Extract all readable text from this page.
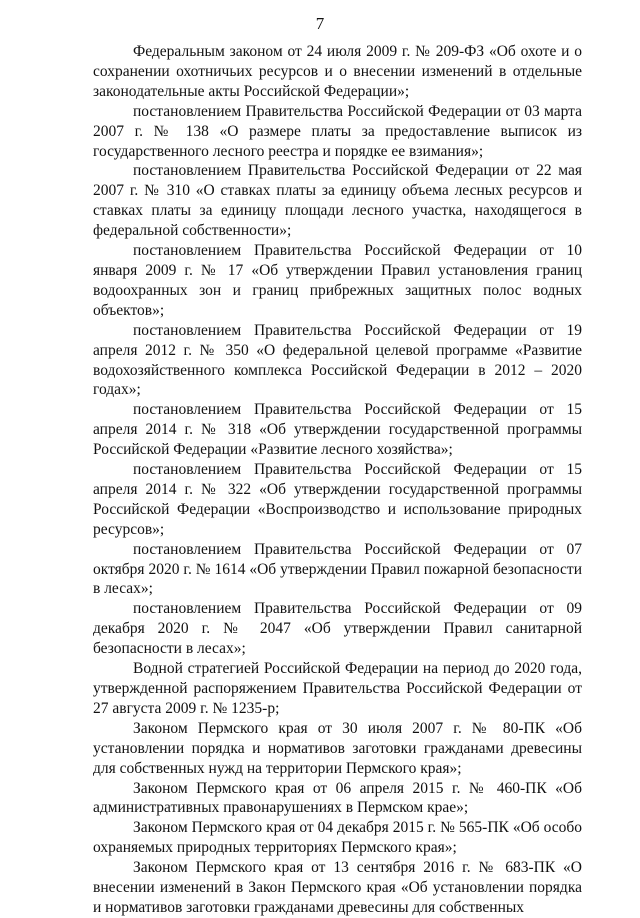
7

Федеральным законом от 24 июля 2009 г. № 209-ФЗ «Об охоте и о сохранении охотничьих ресурсов и о внесении изменений в отдельные законодательные акты Российской Федерации»;

постановлением Правительства Российской Федерации от 03 марта 2007 г. № 138 «О размере платы за предоставление выписок из государственного лесного реестра и порядке ее взимания»;

постановлением Правительства Российской Федерации от 22 мая 2007 г. № 310 «О ставках платы за единицу объема лесных ресурсов и ставках платы за единицу площади лесного участка, находящегося в федеральной собственности»;

постановлением Правительства Российской Федерации от 10 января 2009 г. № 17 «Об утверждении Правил установления границ водоохранных зон и границ прибрежных защитных полос водных объектов»;

постановлением Правительства Российской Федерации от 19 апреля 2012 г. № 350 «О федеральной целевой программе «Развитие водохозяйственного комплекса Российской Федерации в 2012 – 2020 годах»;

постановлением Правительства Российской Федерации от 15 апреля 2014 г. № 318 «Об утверждении государственной программы Российской Федерации «Развитие лесного хозяйства»;

постановлением Правительства Российской Федерации от 15 апреля 2014 г. № 322 «Об утверждении государственной программы Российской Федерации «Воспроизводство и использование природных ресурсов»;

постановлением Правительства Российской Федерации от 07 октября 2020 г. № 1614 «Об утверждении Правил пожарной безопасности в лесах»;

постановлением Правительства Российской Федерации от 09 декабря 2020 г. № 2047 «Об утверждении Правил санитарной безопасности в лесах»;

Водной стратегией Российской Федерации на период до 2020 года, утвержденной распоряжением Правительства Российской Федерации от 27 августа 2009 г. № 1235-р;

Законом Пермского края от 30 июля 2007 г. № 80-ПК «Об установлении порядка и нормативов заготовки гражданами древесины для собственных нужд на территории Пермского края»;

Законом Пермского края от 06 апреля 2015 г. № 460-ПК «Об административных правонарушениях в Пермском крае»;

Законом Пермского края от 04 декабря 2015 г. № 565-ПК «Об особо охраняемых природных территориях Пермского края»;

Законом Пермского края от 13 сентября 2016 г. № 683-ПК «О внесении изменений в Закон Пермского края «Об установлении порядка и нормативов заготовки гражданами древесины для собственных
